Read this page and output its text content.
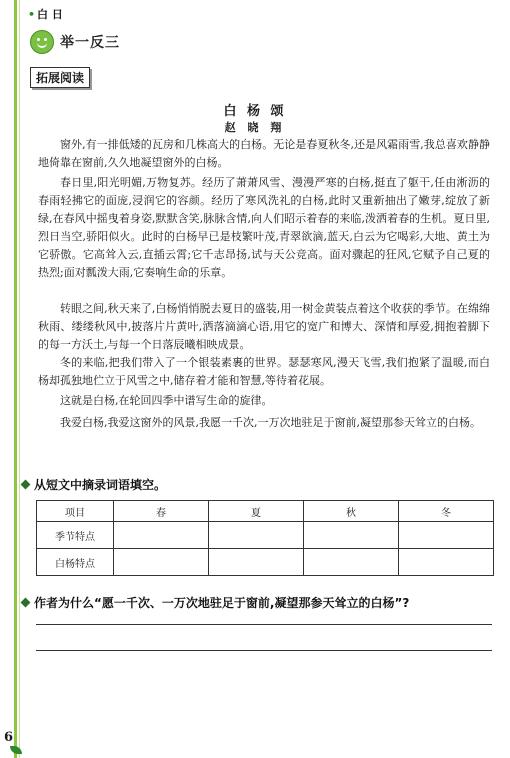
• 白 日
举一反三
拓展阅读
白 杨 颂
赵 晓 翔

窗外,有一排低矮的瓦房和几株高大的白杨。无论是春夏秋冬,还是风霜雨雪,我总喜欢静静地倚靠在窗前,久久地凝望窗外的白杨。

春日里,阳光明媚,万物复苏。经历了萧萧风雪、漫漫严寒的白杨,挺直了躯干,任由淅沥的春雨轻拂它的面庞,浸润它的容颜。经历了寒风洗礼的白杨,此时又重新抽出了嫩芽,绽放了新绿,在春风中摇曳着身姿,默默含笑,脉脉含情,向人们昭示着春的来临,泼洒着春的生机。夏日里,烈日当空,骄阳似火。此时的白杨早已是枝繁叶茂,青翠欲滴,蓝天,白云为它喝彩,大地、黄土为它骄傲。它高耸入云,直插云霄;它千志昂扬,试与天公竞高。面对骤起的狂风,它赋予自己夏的热烈;面对瓢泼大雨,它奏响生命的乐章。

转眼之间,秋天来了,白杨悄悄脱去夏日的盛装,用一树金黄装点着这个收获的季节。在绵绵秋雨、缕缕秋风中,披落片片黄叶,洒落滴滴心语,用它的宽广和博大、深情和厚爱,拥抱着脚下的每一方沃土,与每一个日落辰曦相映成景。

冬的来临,把我们带入了一个银装素裹的世界。瑟瑟寒风,漫天飞雪,我们抱紧了温暖,而白杨却孤独地伫立于风雪之中,储存着才能和智慧,等待着花展。

这就是白杨,在轮回四季中谱写生命的旋律。

我爱白杨,我爱这窗外的风景,我愿一千次,一万次地驻足于窗前,凝望那参天耸立的白杨。

从短文中摘录词语填空。
项目	春	夏	秋	冬
季节特点				
白杨特点				
作者为什么“愿一千次、一万次地驻足于窗前,凝望那参天耸立的白杨”?
6
